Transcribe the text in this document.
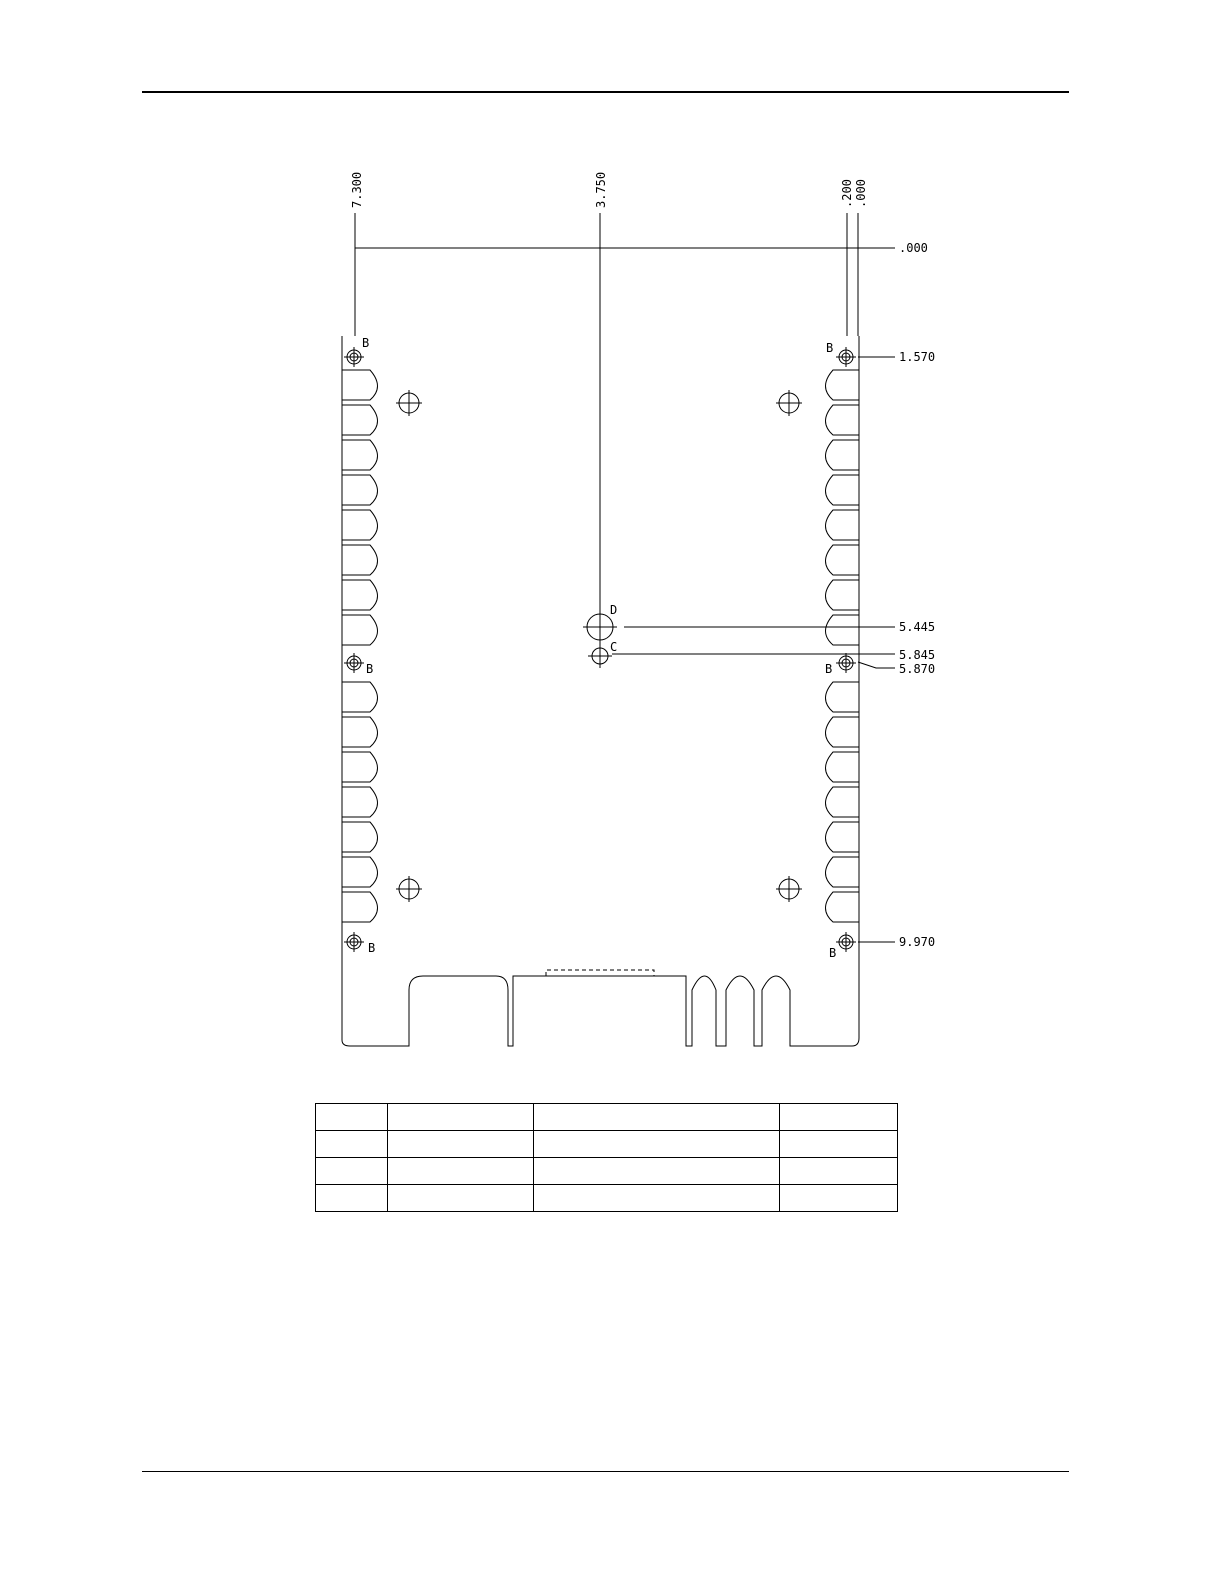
7.300	3.750	.200 .000
.000
1.570
5.445
5.845
5.870
9.970
B	B
B	B
B	B
D
C
